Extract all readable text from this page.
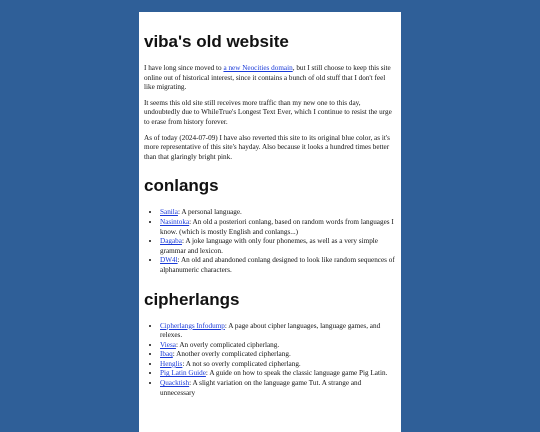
viba's old website

I have long since moved to a new Neocities domain, but I still choose to keep this site online out of historical interest, since it contains a bunch of old stuff that I don't feel like migrating.

It seems this old site still receives more traffic than my new one to this day, undoubtedly due to WhileTrue's Longest Text Ever, which I continue to resist the urge to erase from history forever.

As of today (2024-07-09) I have also reverted this site to its original blue color, as it's more representative of this site's hayday. Also because it looks a hundred times better than that glaringly bright pink.

conlangs
• Sanila: A personal language.
• Nasintoka: An old a posteriori conlang, based on random words from languages I know. (which is mostly English and conlangs...)
• Dagaba: A joke language with only four phonemes, as well as a very simple grammar and lexicon.
• DW4l: An old and abandoned conlang designed to look like random sequences of alphanumeric characters.
cipherlangs
• Cipherlangs Infodump: A page about cipher languages, language games, and relexes.
• Viesa: An overly complicated cipherlang.
• Ibaq: Another overly complicated cipherlang.
• Henglis: A not so overly complicated cipherlang.
• Pig Latin Guide: A guide on how to speak the classic language game Pig Latin.
• Quacktish: A slight variation on the language game Tut. A strange and unnecessary
